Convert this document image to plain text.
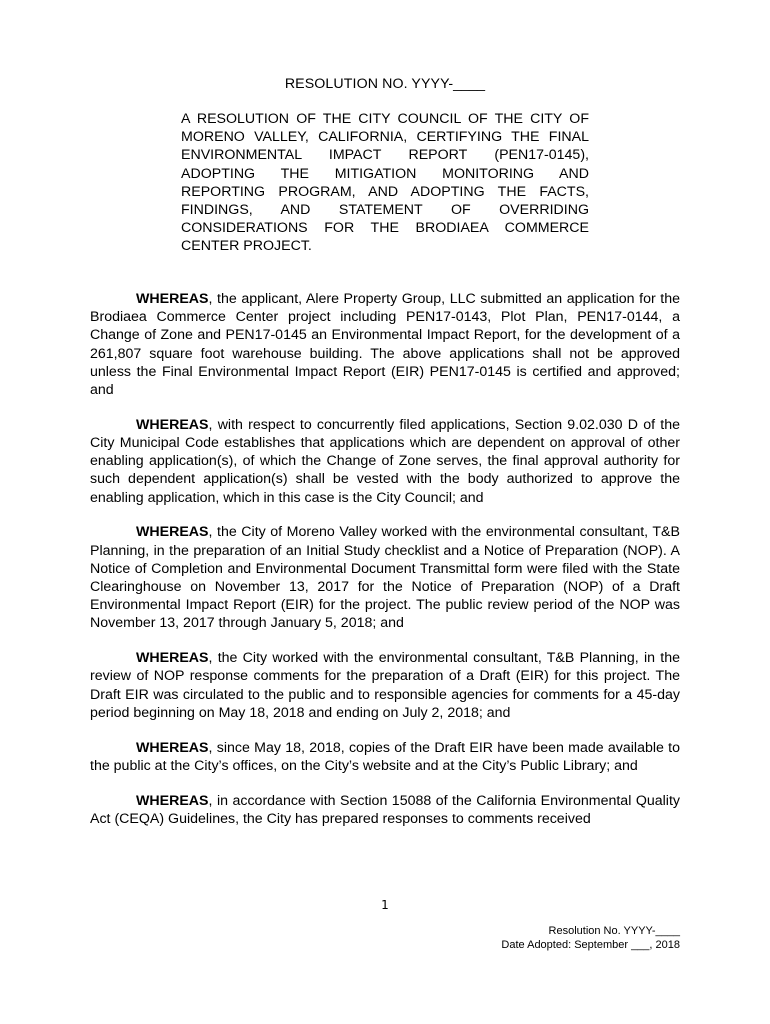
RESOLUTION NO. YYYY-____
A RESOLUTION OF THE CITY COUNCIL OF THE CITY OF MORENO VALLEY, CALIFORNIA, CERTIFYING THE FINAL ENVIRONMENTAL IMPACT REPORT (PEN17-0145), ADOPTING THE MITIGATION MONITORING AND REPORTING PROGRAM, AND ADOPTING THE FACTS, FINDINGS, AND STATEMENT OF OVERRIDING CONSIDERATIONS FOR THE BRODIAEA COMMERCE CENTER PROJECT.

WHEREAS, the applicant, Alere Property Group, LLC submitted an application for the Brodiaea Commerce Center project including PEN17-0143, Plot Plan, PEN17-0144, a Change of Zone and PEN17-0145 an Environmental Impact Report, for the development of a 261,807 square foot warehouse building. The above applications shall not be approved unless the Final Environmental Impact Report (EIR) PEN17-0145 is certified and approved; and

WHEREAS, with respect to concurrently filed applications, Section 9.02.030 D of the City Municipal Code establishes that applications which are dependent on approval of other enabling application(s), of which the Change of Zone serves, the final approval authority for such dependent application(s) shall be vested with the body authorized to approve the enabling application, which in this case is the City Council; and

WHEREAS, the City of Moreno Valley worked with the environmental consultant, T&B Planning, in the preparation of an Initial Study checklist and a Notice of Preparation (NOP). A Notice of Completion and Environmental Document Transmittal form were filed with the State Clearinghouse on November 13, 2017 for the Notice of Preparation (NOP) of a Draft Environmental Impact Report (EIR) for the project. The public review period of the NOP was November 13, 2017 through January 5, 2018; and

WHEREAS, the City worked with the environmental consultant, T&B Planning, in the review of NOP response comments for the preparation of a Draft (EIR) for this project. The Draft EIR was circulated to the public and to responsible agencies for comments for a 45-day period beginning on May 18, 2018 and ending on July 2, 2018; and

WHEREAS, since May 18, 2018, copies of the Draft EIR have been made available to the public at the City’s offices, on the City’s website and at the City’s Public Library; and

WHEREAS, in accordance with Section 15088 of the California Environmental Quality Act (CEQA) Guidelines, the City has prepared responses to comments received

1
Resolution No. YYYY-____
Date Adopted: September ___, 2018
